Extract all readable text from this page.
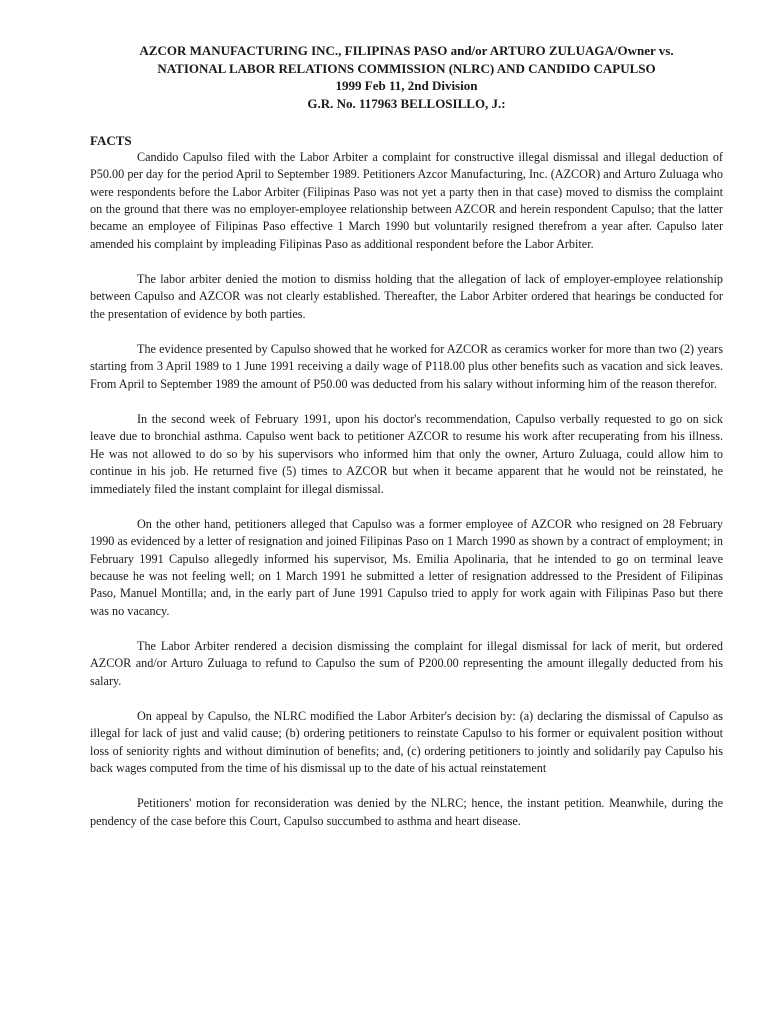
AZCOR MANUFACTURING INC., FILIPINAS PASO and/or ARTURO ZULUAGA/Owner vs.
NATIONAL LABOR RELATIONS COMMISSION (NLRC) AND CANDIDO CAPULSO
1999 Feb 11, 2nd Division
G.R. No. 117963 BELLOSILLO, J.:
FACTS

Candido Capulso filed with the Labor Arbiter a complaint for constructive illegal dismissal and illegal deduction of P50.00 per day for the period April to September 1989. Petitioners Azcor Manufacturing, Inc. (AZCOR) and Arturo Zuluaga who were respondents before the Labor Arbiter (Filipinas Paso was not yet a party then in that case) moved to dismiss the complaint on the ground that there was no employer-employee relationship between AZCOR and herein respondent Capulso; that the latter became an employee of Filipinas Paso effective 1 March 1990 but voluntarily resigned therefrom a year after. Capulso later amended his complaint by impleading Filipinas Paso as additional respondent before the Labor Arbiter.

The labor arbiter denied the motion to dismiss holding that the allegation of lack of employer-employee relationship between Capulso and AZCOR was not clearly established. Thereafter, the Labor Arbiter ordered that hearings be conducted for the presentation of evidence by both parties.

The evidence presented by Capulso showed that he worked for AZCOR as ceramics worker for more than two (2) years starting from 3 April 1989 to 1 June 1991 receiving a daily wage of P118.00 plus other benefits such as vacation and sick leaves. From April to September 1989 the amount of P50.00 was deducted from his salary without informing him of the reason therefor.

In the second week of February 1991, upon his doctor's recommendation, Capulso verbally requested to go on sick leave due to bronchial asthma. Capulso went back to petitioner AZCOR to resume his work after recuperating from his illness. He was not allowed to do so by his supervisors who informed him that only the owner, Arturo Zuluaga, could allow him to continue in his job. He returned five (5) times to AZCOR but when it became apparent that he would not be reinstated, he immediately filed the instant complaint for illegal dismissal.

On the other hand, petitioners alleged that Capulso was a former employee of AZCOR who resigned on 28 February 1990 as evidenced by a letter of resignation and joined Filipinas Paso on 1 March 1990 as shown by a contract of employment; in February 1991 Capulso allegedly informed his supervisor, Ms. Emilia Apolinaria, that he intended to go on terminal leave because he was not feeling well; on 1 March 1991 he submitted a letter of resignation addressed to the President of Filipinas Paso, Manuel Montilla; and, in the early part of June 1991 Capulso tried to apply for work again with Filipinas Paso but there was no vacancy.

The Labor Arbiter rendered a decision dismissing the complaint for illegal dismissal for lack of merit, but ordered AZCOR and/or Arturo Zuluaga to refund to Capulso the sum of P200.00 representing the amount illegally deducted from his salary.

On appeal by Capulso, the NLRC modified the Labor Arbiter's decision by: (a) declaring the dismissal of Capulso as illegal for lack of just and valid cause; (b) ordering petitioners to reinstate Capulso to his former or equivalent position without loss of seniority rights and without diminution of benefits; and, (c) ordering petitioners to jointly and solidarily pay Capulso his back wages computed from the time of his dismissal up to the date of his actual reinstatement

Petitioners' motion for reconsideration was denied by the NLRC; hence, the instant petition. Meanwhile, during the pendency of the case before this Court, Capulso succumbed to asthma and heart disease.
